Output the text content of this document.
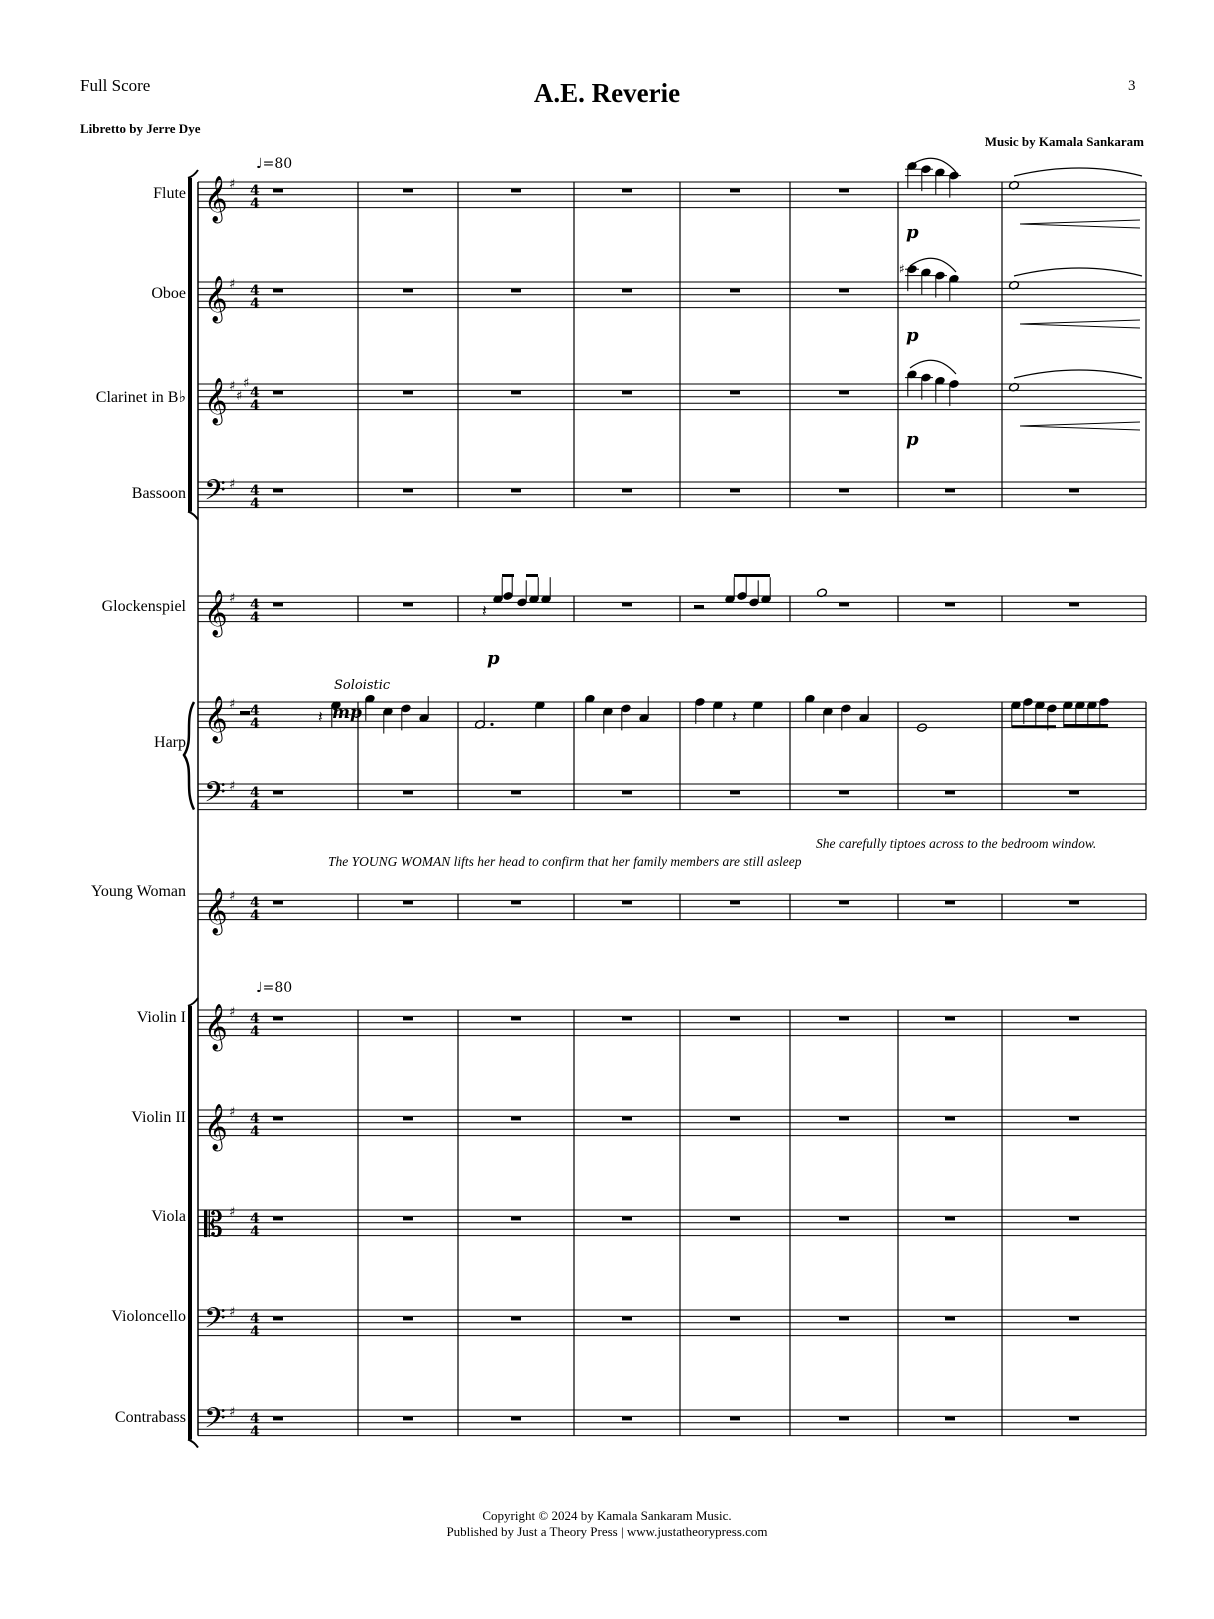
Full Score	A.E. Reverie	3
Libretto by Jerre Dye
Music by Kamala Sankaram
Flute
Oboe
Clarinet in B♭
Bassoon
Glockenspiel
Harp
Young Woman
Violin I
Violin II
Viola
Violoncello
Contrabass
The YOUNG WOMAN lifts her head to confirm that her family members are still asleep
She carefully tiptoes across to the bedroom window.
Copyright © 2024 by Kamala Sankaram Music.
Published by Just a Theory Press | www.justatheorypress.com
𝄞 ♯ 4
4
𝄞 ♯ 4
4
𝄞 ♯
♯
♯
4
4
𝄢 ♯ 4
4
𝄞 ♯ 4
4
𝄞 ♯ 4
4
𝄢 ♯ 4
4
𝄞 ♯ 4
4
𝄞 ♯ 4
4
𝄞 ♯ 4
4
𝄡 ♯ 4
4
𝄢 ♯ 4
4
𝄢 ♯ 4
4
♯
𝄽
𝄽	𝄽
♩=80
♩=80
p
p
p
p
mp
Soloistic
